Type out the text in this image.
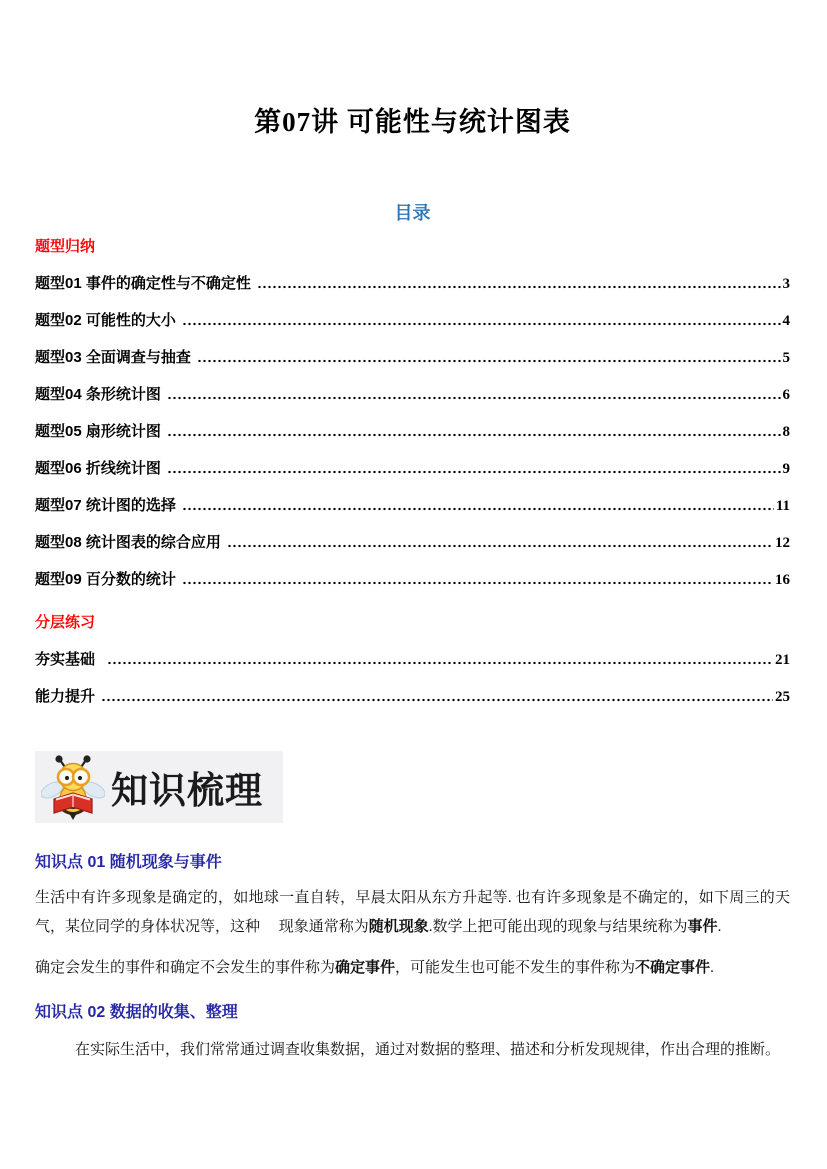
第07讲 可能性与统计图表
目录
题型归纳
题型01 事件的确定性与不确定性	3
题型02 可能性的大小	4
题型03 全面调查与抽查	5
题型04 条形统计图	6
题型05 扇形统计图	8
题型06 折线统计图	9
题型07 统计图的选择	11
题型08 统计图表的综合应用	12
题型09 百分数的统计	16
分层练习
夯实基础	21
能力提升	25
知识梳理
知识点 01 随机现象与事件

生活中有许多现象是确定的，如地球一直自转，早晨太阳从东方升起等. 也有许多现象是不确定的，如下周三的天气，某位同学的身体状况等，这种　 现象通常称为随机现象.数学上把可能出现的现象与结果统称为事件.

确定会发生的事件和确定不会发生的事件称为确定事件，可能发生也可能不发生的事件称为不确定事件.

知识点 02 数据的收集、整理

在实际生活中，我们常常通过调查收集数据，通过对数据的整理、描述和分析发现规律，作出合理的推断。
